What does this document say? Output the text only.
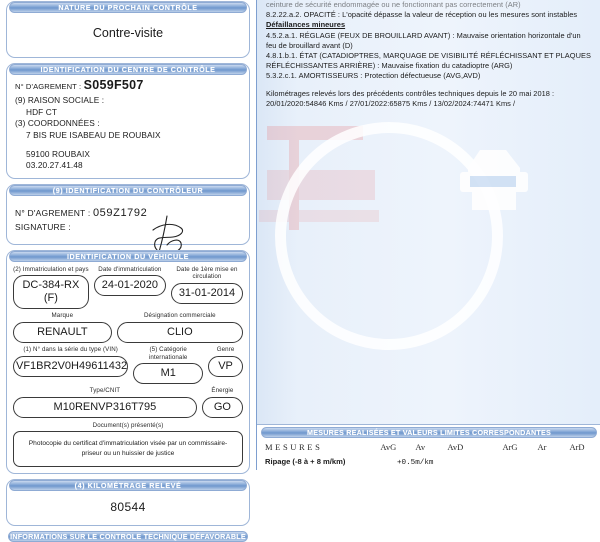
NATURE DU PROCHAIN CONTRÔLE
Contre-visite
IDENTIFICATION DU CENTRE DE CONTRÔLE
N° D'AGREMENT : S059F507
(9) RAISON SOCIALE :
HDF CT
(3) COORDONNÉES :
7 BIS RUE ISABEAU DE ROUBAIX
59100 ROUBAIX
03.20.27.41.48
(9) IDENTIFICATION DU CONTRÔLEUR
N° D'AGREMENT : 059Z1792
SIGNATURE :
IDENTIFICATION DU VÉHICULE
(2) Immatriculation et pays
DC-384-RX (F)
Date d'immatriculation
24-01-2020
Date de 1ère mise en circulation
31-01-2014
Marque
RENAULT
Désignation commerciale
CLIO
(1) N° dans la série du type (VIN)
VF1BR2V0H49611432
(5) Catégorie internationale
M1
Genre
VP
Type/CNIT
M10RENVP316T795
Énergie
GO
Document(s) présenté(s)
Photocopie du certificat d'immatriculation visée par un commissaire-priseur ou un huissier de justice
(4) KILOMÉTRAGE RELEVÉ
80544
INFORMATIONS SUR LE CONTROLE TECHNIQUE DÉFAVORABLE

ceinture de sécurité endommagée ou ne fonctionnant pas correctement (AR)

8.2.22.a.2. OPACITÉ : L'opacité dépasse la valeur de réception ou les mesures sont instables

Défaillances mineures

4.5.2.a.1. RÉGLAGE (FEUX DE BROUILLARD AVANT) : Mauvaise orientation horizontale d'un feu de brouillard avant (D)

4.8.1.b.1. ÉTAT (CATADIOPTRES, MARQUAGE DE VISIBILITÉ RÉFLÉCHISSANT ET PLAQUES RÉFLÉCHISSANTES ARRIÈRE) : Mauvaise fixation du catadioptre (ARG)

5.3.2.c.1. AMORTISSEURS : Protection défectueuse (AVG,AVD)

Kilométrages relevés lors des précédents contrôles techniques depuis le 20 mai 2018 :

20/01/2020:54846 Kms / 27/01/2022:65875 Kms / 13/02/2024:74471 Kms /

MESURES REALISÉES ET VALEURS LIMITES CORRESPONDANTES
MESURES	AvG	Av	AvD	ArG	Ar	ArD
Ripage (-8 à + 8 m/km)	+0.5m/km
